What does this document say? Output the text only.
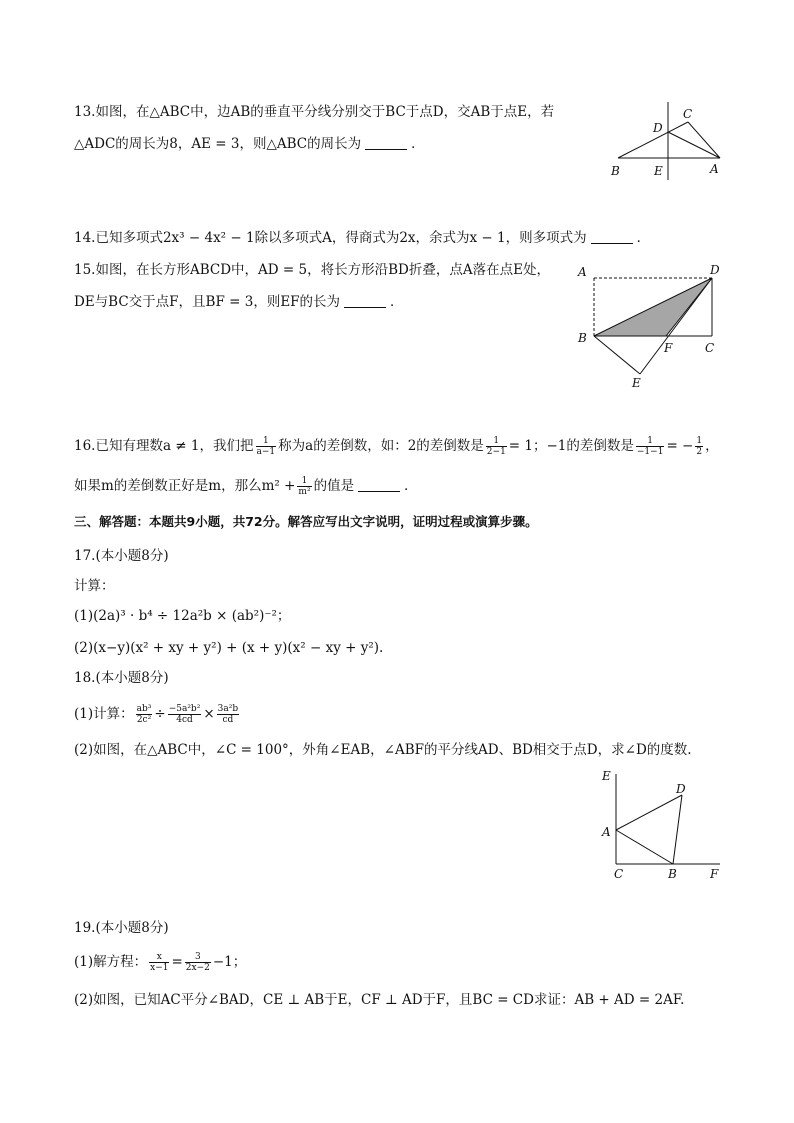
13.如图，在△ABC中，边AB的垂直平分线分别交于BC于点D，交AB于点E，若
△ADC的周长为8，AE = 3，则△ABC的周长为	．
B	E	A
D
C
14.已知多项式2x³ − 4x² − 1除以多项式A，得商式为2x，余式为x − 1，则多项式为	．
15.如图，在长方形ABCD中，AD = 5，将长方形沿BD折叠，点A落在点E处，
DE与BC交于点F，且BF = 3，则EF的长为	．
A	D
B
F	C
E
16.已知有理数a ≠ 1，我们把 $\frac{1}{a-1}$ 称为a的差倒数，如：2的差倒数是 $\frac{1}{2-1} = 1$；−1的差倒数是 $\frac{1}{-1-1}$ = − $\frac{1}{2}$ ，
如果m的差倒数正好是m，那么$m^2 + \frac{1}{\text{m²}}$ 的值是	．
三、解答题：本题共9小题，共72分。解答应写出文字说明，证明过程或演算步骤。
17.(本小题8分)
计算：
(1)(2a)³ · b⁴ ÷ 12a²b × (ab²)⁻²；
(2)(x−y)(x² + xy + y²) + (x + y)(x² − xy + y²).
18.(本小题8分)
(1)计算： $\frac{\text{ab³}}{\text{2c²}} \div \frac{\text{−5a²b²}}{4cd} \times \frac{\text{3a²b}}{cd}$
(2)如图，在△ABC中，∠C = 100°，外角∠EAB，∠ABF的平分线AD、BD相交于点D，求∠D的度数.
E
D
A
C	B	F
19.(本小题8分)
(1)解方程： $\frac{x}{x-1} = \frac{3}{2x-2} -1$；
(2)如图，已知AC平分∠BAD，CE ⊥ AB于E，CF ⊥ AD于F，且BC = CD求证：AB + AD = 2AF.
